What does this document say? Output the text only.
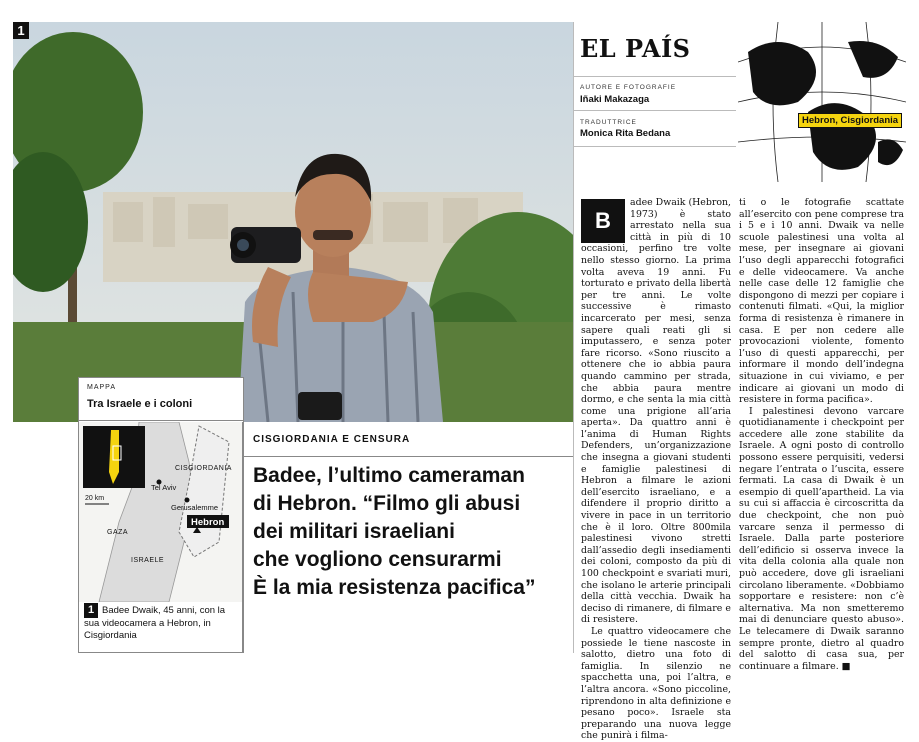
1
MAPPA
Tra Israele e i coloni
CISGIORDANIA
Tel Aviv
Gerusalemme
Hebron
GAZA
ISRAELE
20 km
1 Badee Dwaik, 45 anni, con la sua videocamera a Hebron, in Cisgiordania
CISGIORDANIA E CENSURA
Badee, l’ultimo cameraman
di Hebron. “Filmo gli abusi
dei militari israeliani
che vogliono censurarmi
È la mia resistenza pacifica”
EL PAÍS
AUTORE E FOTOGRAFIE
Iñaki Makazaga
TRADUTTRICE
Monica Rita Bedana
Hebron, Cisgiordania
B

adee Dwaik (Hebron, 1973) è stato arrestato nella sua città in più di 10 occasioni, perfino tre volte nello stesso giorno. La prima volta aveva 19 anni. Fu torturato e privato della libertà per tre anni. Le volte successive è rimasto incarcerato per mesi, senza sapere quali reati gli si imputassero, e senza poter fare ricorso. «Sono riuscito a ottenere che io abbia paura quando cammino per strada, che abbia paura mentre dormo, e che senta la mia città come una prigione all’aria aperta». Da quattro anni è l’anima di Human Rights Defenders, un’organizzazione che insegna a giovani studenti e famiglie palestinesi di Hebron a filmare le azioni dell’esercito israeliano, e a difendere il proprio diritto a vivere in pace in un territorio che è il loro. Oltre 800mila palestinesi vivono stretti dall’assedio degli insediamenti dei coloni, composto da più di 100 checkpoint e svariati muri, che isolano le arterie principali della città vecchia. Dwaik ha deciso di rimanere, di filmare e di resistere.

Le quattro videocamere che possiede le tiene nascoste in salotto, dietro una foto di famiglia. In silenzio ne spacchetta una, poi l’altra, e l’altra ancora. «Sono piccoline, riprendono in alta definizione e pesano poco». Israele sta preparando una nuova legge che punirà i filma-

ti o le fotografie scattate all’esercito con pene comprese tra i 5 e i 10 anni. Dwaik va nelle scuole palestinesi una volta al mese, per insegnare ai giovani l’uso degli apparecchi fotografici e delle videocamere. Va anche nelle case delle 12 famiglie che dispongono di mezzi per copiare i contenuti filmati. «Qui, la miglior forma di resistenza è rimanere in casa. E per non cedere alle provocazioni violente, fomento l’uso di questi apparecchi, per informare il mondo dell’indegna situazione in cui viviamo, e per indicare ai giovani un modo di resistere in forma pacifica».

I palestinesi devono varcare quotidianamente i checkpoint per accedere alle zone stabilite da Israele. A ogni posto di controllo possono essere perquisiti, vedersi negare l’entrata o l’uscita, essere fermati. La casa di Dwaik è un esempio di quell’apartheid. La via su cui si affaccia è circoscritta da due checkpoint, che non può varcare senza il permesso di Israele. Dalla parte posteriore dell’edificio si osserva invece la vita della colonia alla quale non può accedere, dove gli israeliani circolano liberamente. «Dobbiamo sopportare e resistere: non c’è alternativa. Ma non smetteremo mai di denunciare questo abuso». Le telecamere di Dwaik saranno sempre pronte, dietro al quadro del salotto di casa sua, per continuare a filmare. ■
